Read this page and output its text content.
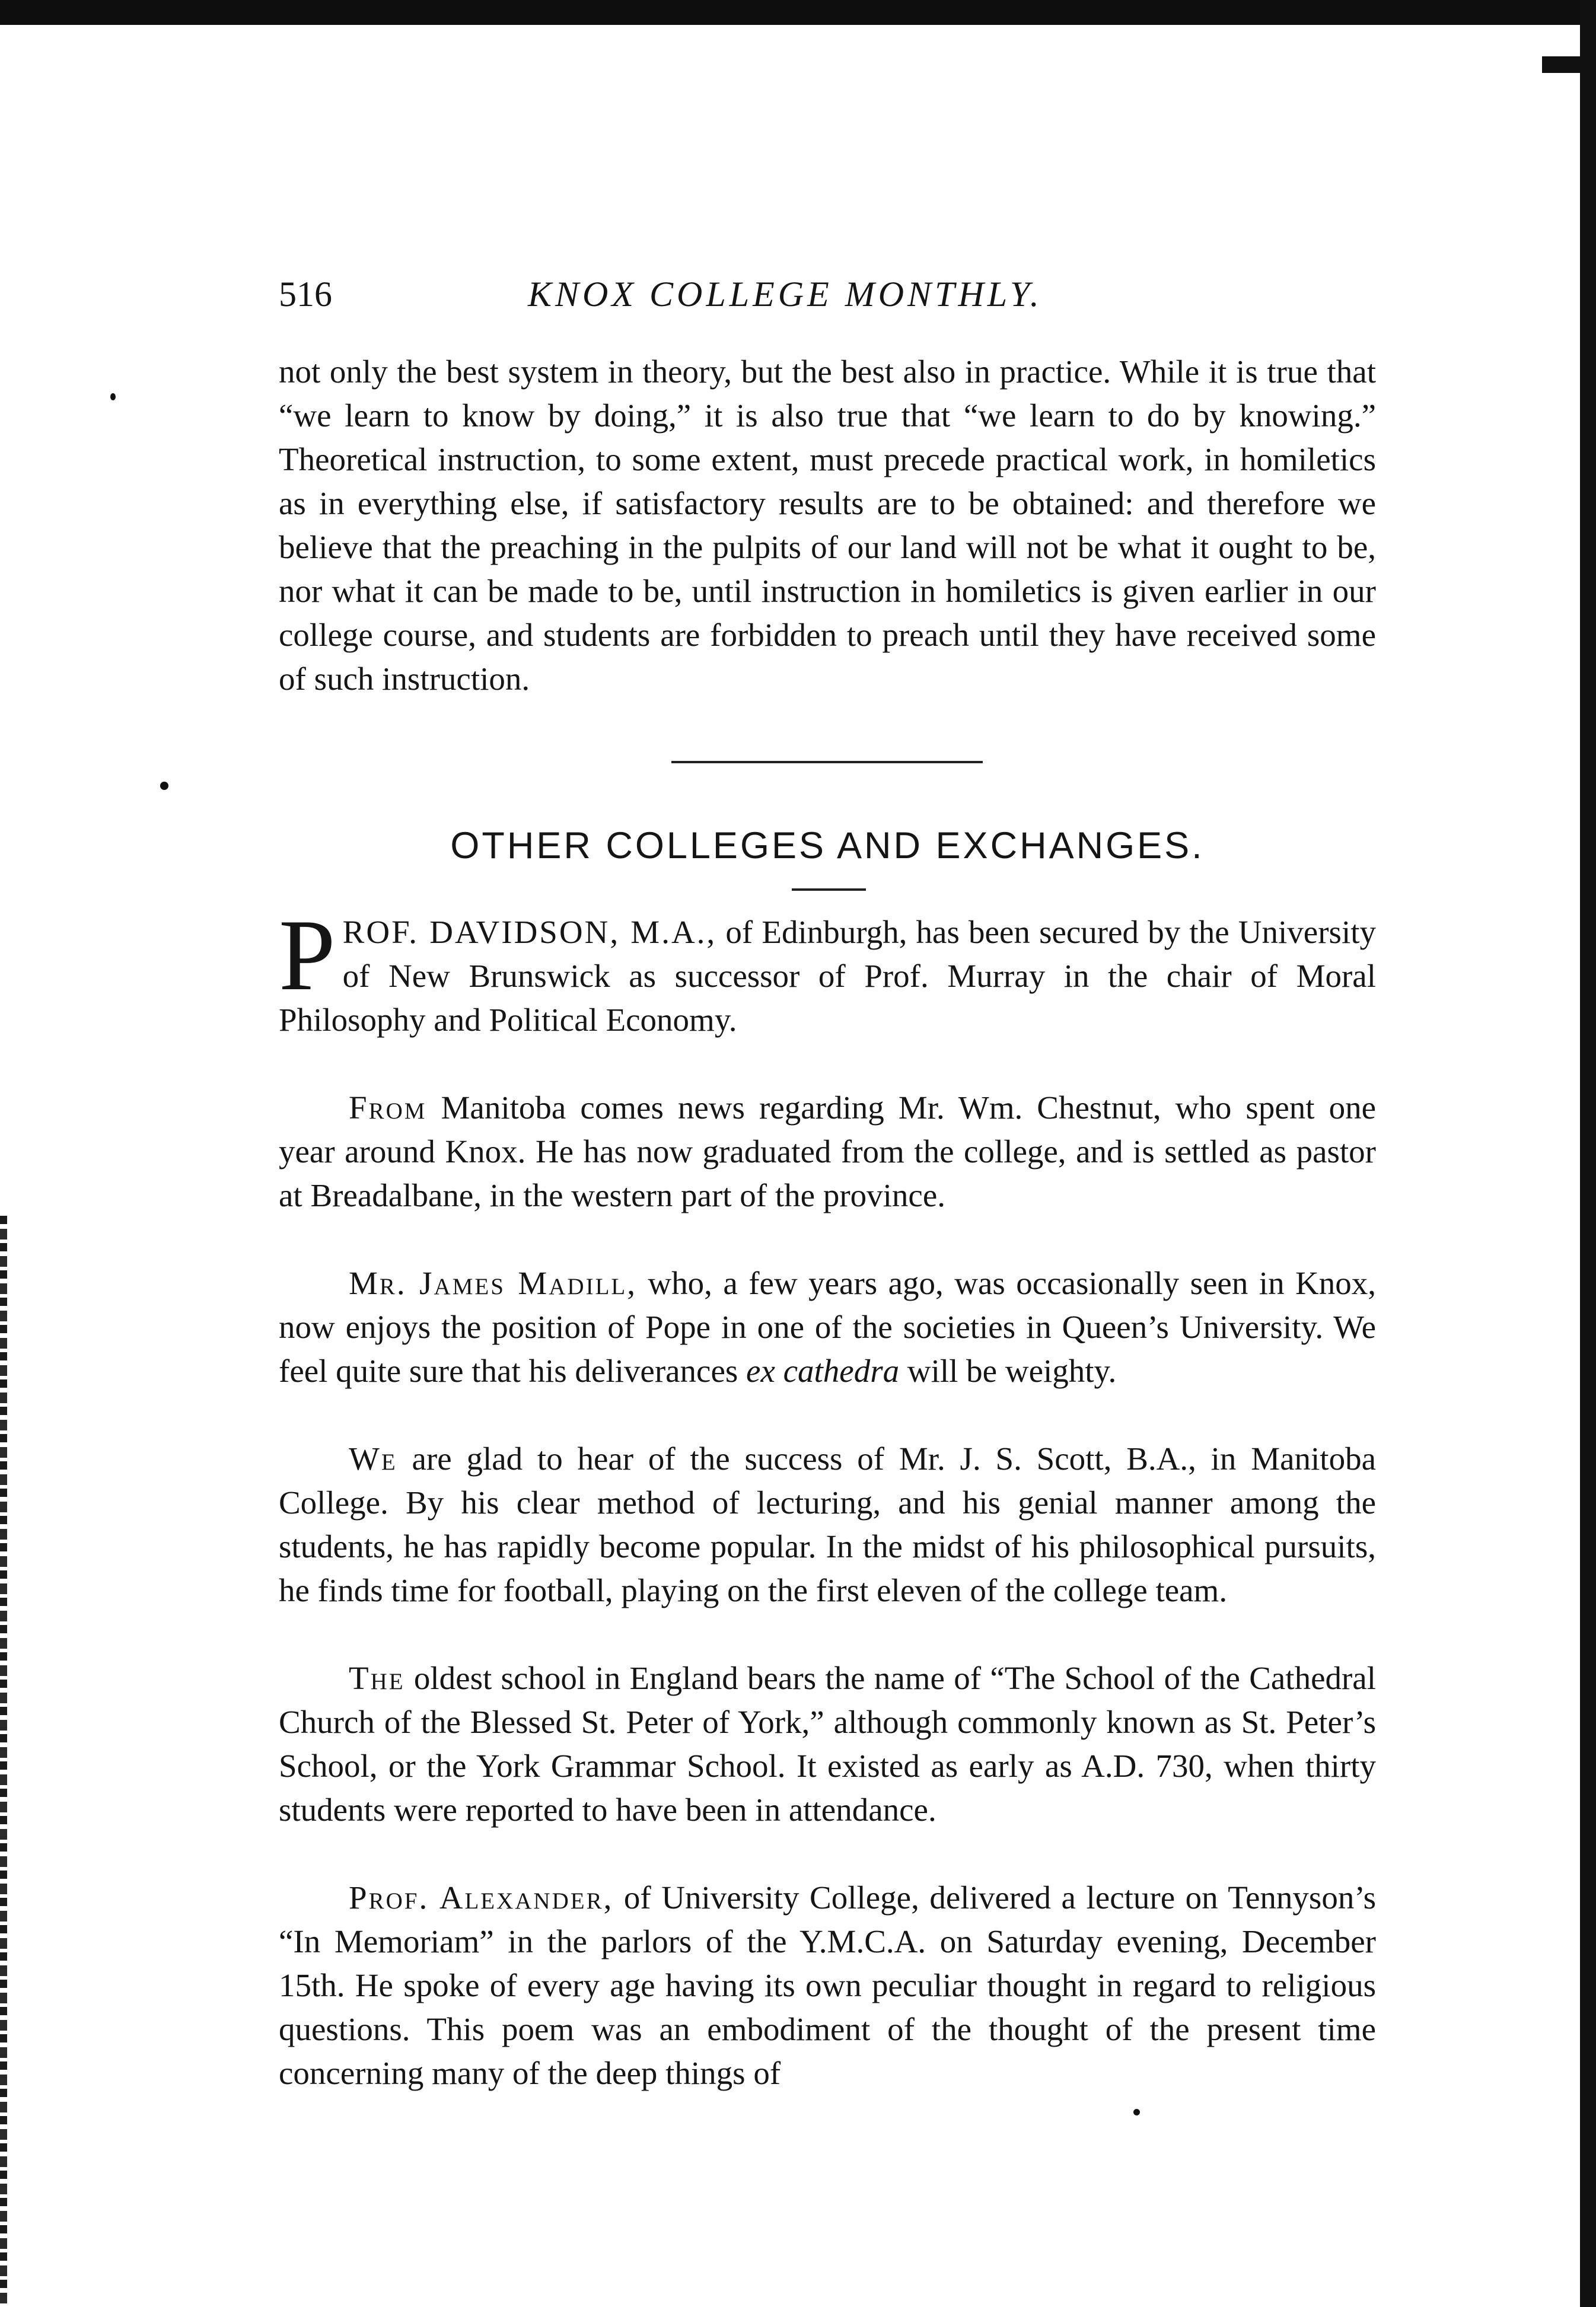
516	KNOX COLLEGE MONTHLY.

not only the best system in theory, but the best also in practice. While it is true that “we learn to know by doing,” it is also true that “we learn to do by knowing.” Theoretical instruction, to some extent, must precede practical work, in homiletics as in everything else, if satisfactory results are to be obtained: and therefore we believe that the preaching in the pulpits of our land will not be what it ought to be, nor what it can be made to be, until instruction in homiletics is given earlier in our college course, and students are forbidden to preach until they have received some of such instruction.

OTHER COLLEGES AND EXCHANGES.

P ROF. DAVIDSON, M.A., of Edinburgh, has been secured by the University of New Brunswick as successor of Prof. Murray in the chair of Moral Philosophy and Political Economy.

From Manitoba comes news regarding Mr. Wm. Chestnut, who spent one year around Knox. He has now graduated from the college, and is settled as pastor at Breadalbane, in the western part of the province.

Mr. James Madill, who, a few years ago, was occasionally seen in Knox, now enjoys the position of Pope in one of the societies in Queen’s University. We feel quite sure that his deliverances ex cathedra will be weighty.

We are glad to hear of the success of Mr. J. S. Scott, B.A., in Manitoba College. By his clear method of lecturing, and his genial manner among the students, he has rapidly become popular. In the midst of his philosophical pursuits, he finds time for football, playing on the first eleven of the college team.

The oldest school in England bears the name of “The School of the Cathedral Church of the Blessed St. Peter of York,” although commonly known as St. Peter’s School, or the York Grammar School. It existed as early as A.D. 730, when thirty students were reported to have been in attendance.

Prof. Alexander, of University College, delivered a lecture on Tennyson’s “In Memoriam” in the parlors of the Y.M.C.A. on Saturday evening, December 15th. He spoke of every age having its own peculiar thought in regard to religious questions. This poem was an embodiment of the thought of the present time concerning many of the deep things of
